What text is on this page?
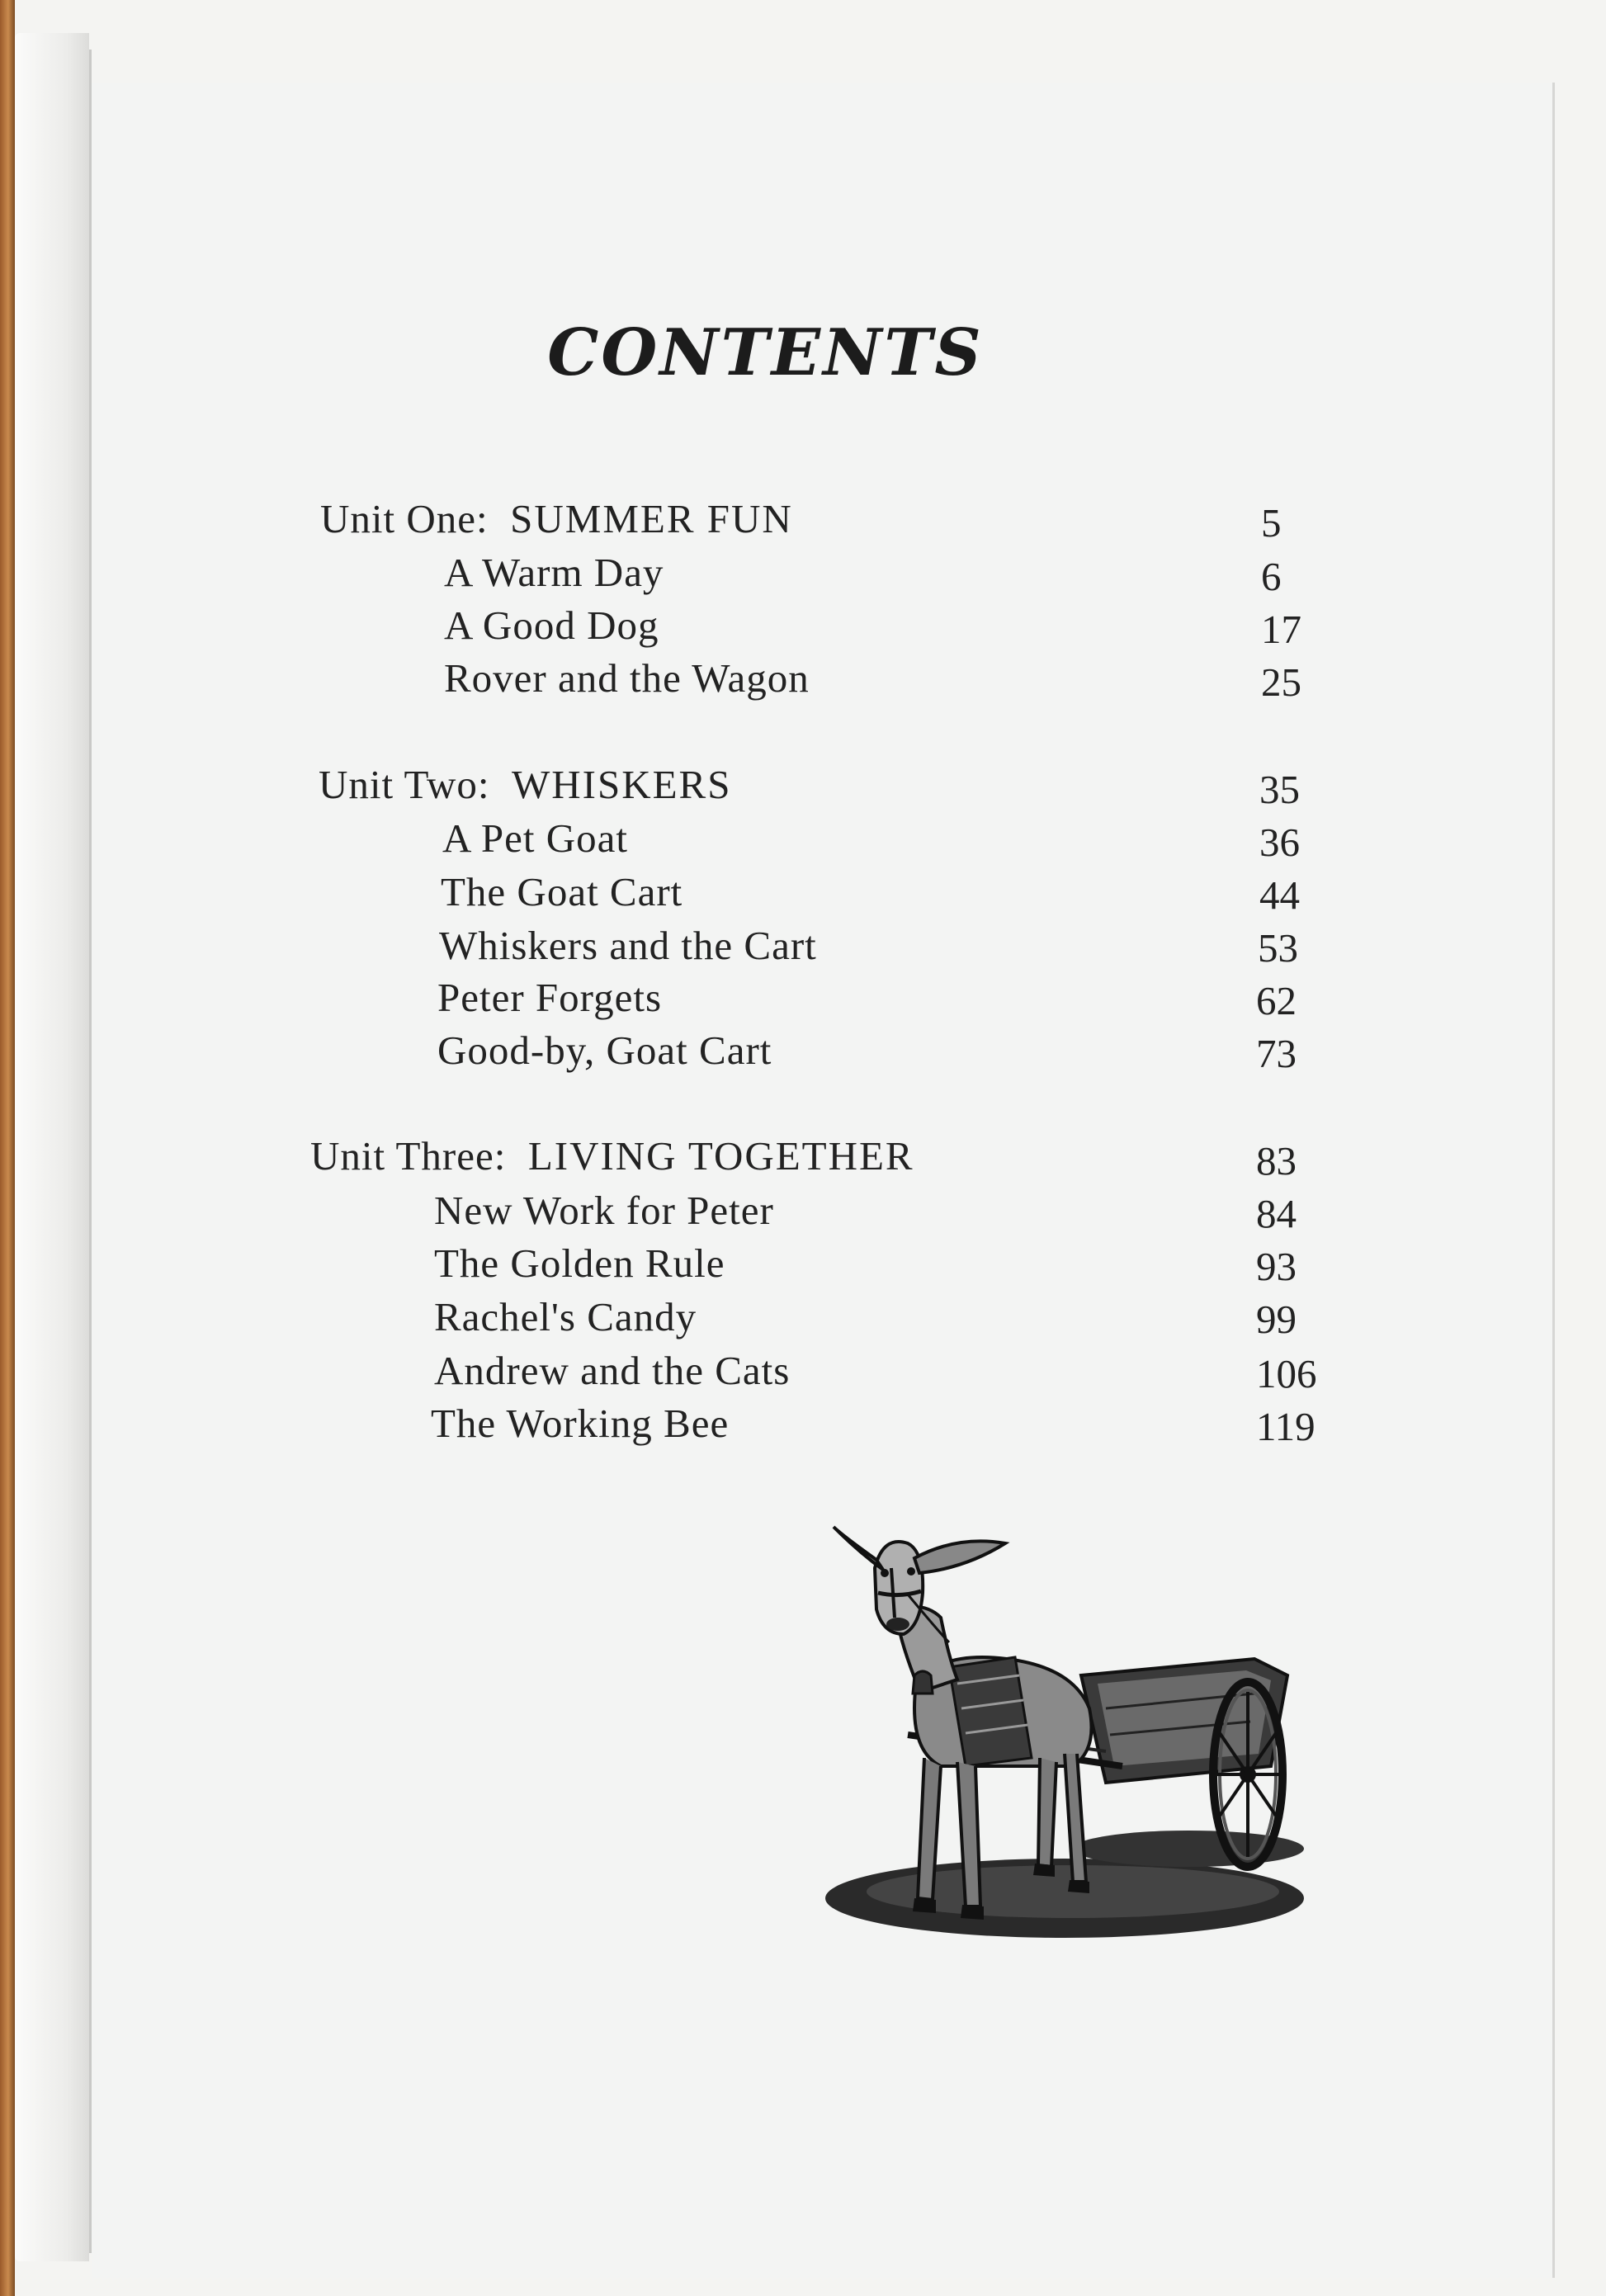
CONTENTS
Unit One: SUMMER FUN	5
A Warm Day	6
A Good Dog	17
Rover and the Wagon	25
Unit Two: WHISKERS	35
A Pet Goat	36
The Goat Cart	44
Whiskers and the Cart	53
Peter Forgets	62
Good-by, Goat Cart	73
Unit Three: LIVING TOGETHER	83
New Work for Peter	84
The Golden Rule	93
Rachel's Candy	99
Andrew and the Cats	106
The Working Bee	119
